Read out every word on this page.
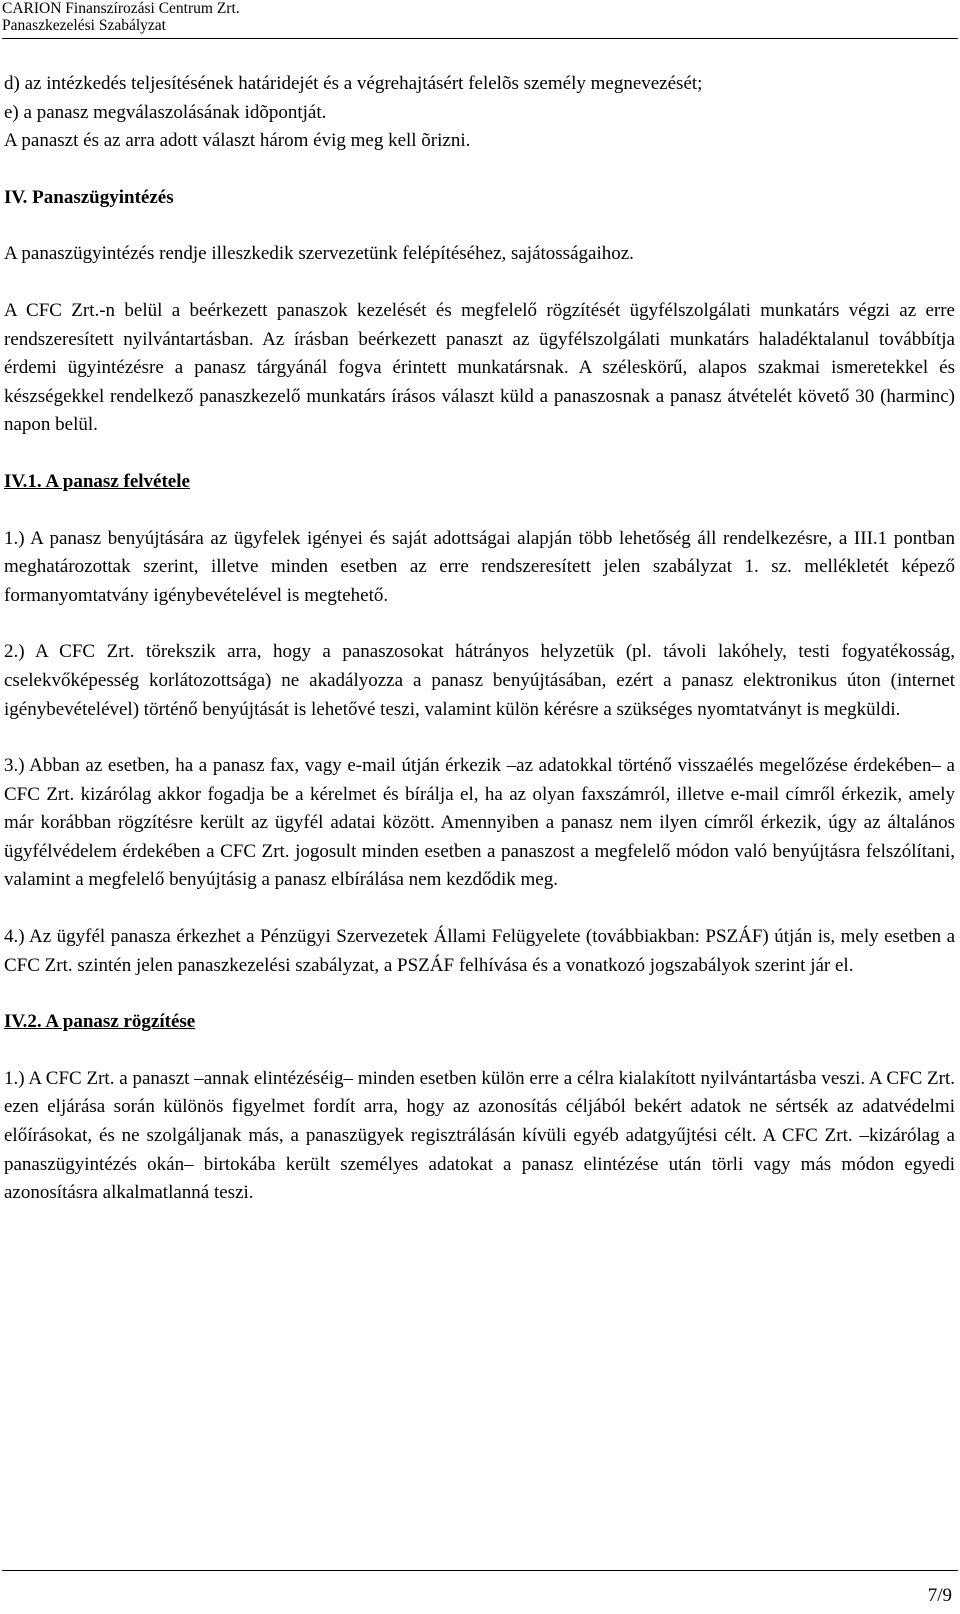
CARION Finanszírozási Centrum Zrt.
Panaszkezelési Szabályzat

d) az intézkedés teljesítésének határidejét és a végrehajtásért felelõs személy megnevezését;

e) a panasz megválaszolásának idõpontját.

A panaszt és az arra adott választ három évig meg kell õrizni.

IV. Panaszügyintézés

A panaszügyintézés rendje illeszkedik szervezetünk felépítéséhez, sajátosságaihoz.

A CFC Zrt.-n belül a beérkezett panaszok kezelését és megfelelő rögzítését ügyfélszolgálati munkatárs végzi az erre rendszeresített nyilvántartásban. Az írásban beérkezett panaszt az ügyfélszolgálati munkatárs haladéktalanul továbbítja érdemi ügyintézésre a panasz tárgyánál fogva érintett munkatársnak. A széleskörű, alapos szakmai ismeretekkel és készségekkel rendelkező panaszkezelő munkatárs írásos választ küld a panaszosnak a panasz átvételét követő 30 (harminc) napon belül.

IV.1. A panasz felvétele

1.) A panasz benyújtására az ügyfelek igényei és saját adottságai alapján több lehetőség áll rendelkezésre, a III.1 pontban meghatározottak szerint, illetve minden esetben az erre rendszeresített jelen szabályzat 1. sz. mellékletét képező formanyomtatvány igénybevételével is megtehető.

2.) A CFC Zrt. törekszik arra, hogy a panaszosokat hátrányos helyzetük (pl. távoli lakóhely, testi fogyatékosság, cselekvőképesség korlátozottsága) ne akadályozza a panasz benyújtásában, ezért a panasz elektronikus úton (internet igénybevételével) történő benyújtását is lehetővé teszi, valamint külön kérésre a szükséges nyomtatványt is megküldi.

3.) Abban az esetben, ha a panasz fax, vagy e-mail útján érkezik –az adatokkal történő visszaélés megelőzése érdekében– a CFC Zrt. kizárólag akkor fogadja be a kérelmet és bírálja el, ha az olyan faxszámról, illetve e-mail címről érkezik, amely már korábban rögzítésre került az ügyfél adatai között. Amennyiben a panasz nem ilyen címről érkezik, úgy az általános ügyfélvédelem érdekében a CFC Zrt. jogosult minden esetben a panaszost a megfelelő módon való benyújtásra felszólítani, valamint a megfelelő benyújtásig a panasz elbírálása nem kezdődik meg.

4.) Az ügyfél panasza érkezhet a Pénzügyi Szervezetek Állami Felügyelete (továbbiakban: PSZÁF) útján is, mely esetben a CFC Zrt. szintén jelen panaszkezelési szabályzat, a PSZÁF felhívása és a vonatkozó jogszabályok szerint jár el.

IV.2. A panasz rögzítése

1.) A CFC Zrt. a panaszt –annak elintézéséig– minden esetben külön erre a célra kialakított nyilvántartásba veszi. A CFC Zrt. ezen eljárása során különös figyelmet fordít arra, hogy az azonosítás céljából bekért adatok ne sértsék az adatvédelmi előírásokat, és ne szolgáljanak más, a panaszügyek regisztrálásán kívüli egyéb adatgyűjtési célt. A CFC Zrt. –kizárólag a panaszügyintézés okán– birtokába került személyes adatokat a panasz elintézése után törli vagy más módon egyedi azonosításra alkalmatlanná teszi.

7/9
